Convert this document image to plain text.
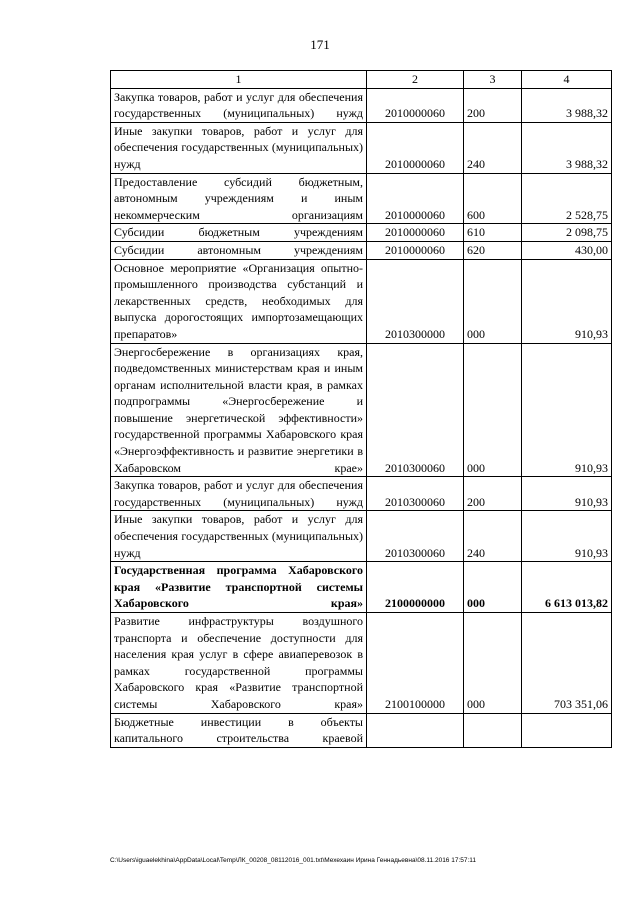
171
1	2	3	4
Закупка товаров, работ и услуг для обеспечения государственных (муниципальных) нужд	2010000060	200	3 988,32
Иные закупки товаров, работ и услуг для обеспечения государственных (муниципальных) нужд	2010000060	240	3 988,32
Предоставление субсидий бюджетным, автономным учреждениям и иным некоммерческим организациям	2010000060	600	2 528,75
Субсидии бюджетным учреждениям	2010000060	610	2 098,75
Субсидии автономным учреждениям	2010000060	620	430,00
Основное мероприятие «Организация опытно-промышленного производства субстанций и лекарственных средств, необходимых для выпуска дорогостоящих импортозамещающих препаратов»	2010300000	000	910,93
Энергосбережение в организациях края, подведомственных министерствам края и иным органам исполнительной власти края, в рамках подпрограммы «Энергосбережение и повышение энергетической эффективности» государственной программы Хабаровского края «Энергоэффективность и развитие энергетики в Хабаровском крае»	2010300060	000	910,93
Закупка товаров, работ и услуг для обеспечения государственных (муниципальных) нужд	2010300060	200	910,93
Иные закупки товаров, работ и услуг для обеспечения государственных (муниципальных) нужд	2010300060	240	910,93
Государственная программа Хабаровского края «Развитие транспортной системы Хабаровского края»	2100000000	000	6 613 013,82
Развитие инфраструктуры воздушного транспорта и обеспечение доступности для населения края услуг в сфере авиаперевозок в рамках государственной программы Хабаровского края «Развитие транспортной системы Хабаровского края»	2100100000	000	703 351,06
Бюджетные инвестиции в объекты капитального строительства краевой			
C:\Users\iguaelekhina\AppData\Local\Temp\ЛК_00208_08112016_001.txt\Мехехаин Ирина Геннадьевна\08.11.2016 17:57:11
